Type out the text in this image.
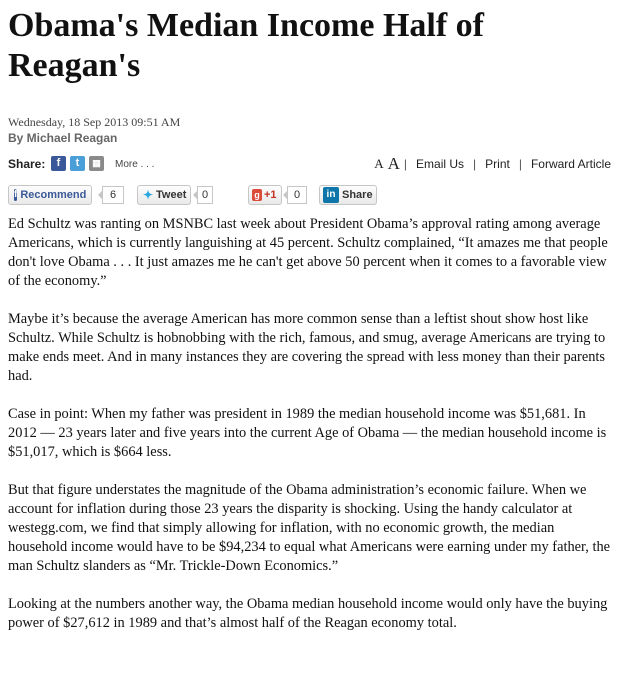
Obama's Median Income Half of Reagan's
Wednesday, 18 Sep 2013 09:51 AM
By Michael Reagan
Share:	f	t	▦	More . . .	A A | Email Us | Print | Forward Article
f Recommend	6	✦ Tweet	0	g +1	0	in Share

Ed Schultz was ranting on MSNBC last week about President Obama’s approval rating among average Americans, which is currently languishing at 45 percent. Schultz complained, “It amazes me that people don't love Obama . . . It just amazes me he can't get above 50 percent when it comes to a favorable view of the economy.”

Maybe it’s because the average American has more common sense than a leftist shout show host like Schultz. While Schultz is hobnobbing with the rich, famous, and smug, average Americans are trying to make ends meet. And in many instances they are covering the spread with less money than their parents had.

Case in point: When my father was president in 1989 the median household income was $51,681. In 2012 — 23 years later and five years into the current Age of Obama — the median household income is $51,017, which is $664 less.

But that figure understates the magnitude of the Obama administration’s economic failure. When we account for inflation during those 23 years the disparity is shocking. Using the handy calculator at westegg.com, we find that simply allowing for inflation, with no economic growth, the median household income would have to be $94,234 to equal what Americans were earning under my father, the man Schultz slanders as “Mr. Trickle-Down Economics.”

Looking at the numbers another way, the Obama median household income would only have the buying power of $27,612 in 1989 and that’s almost half of the Reagan economy total.
